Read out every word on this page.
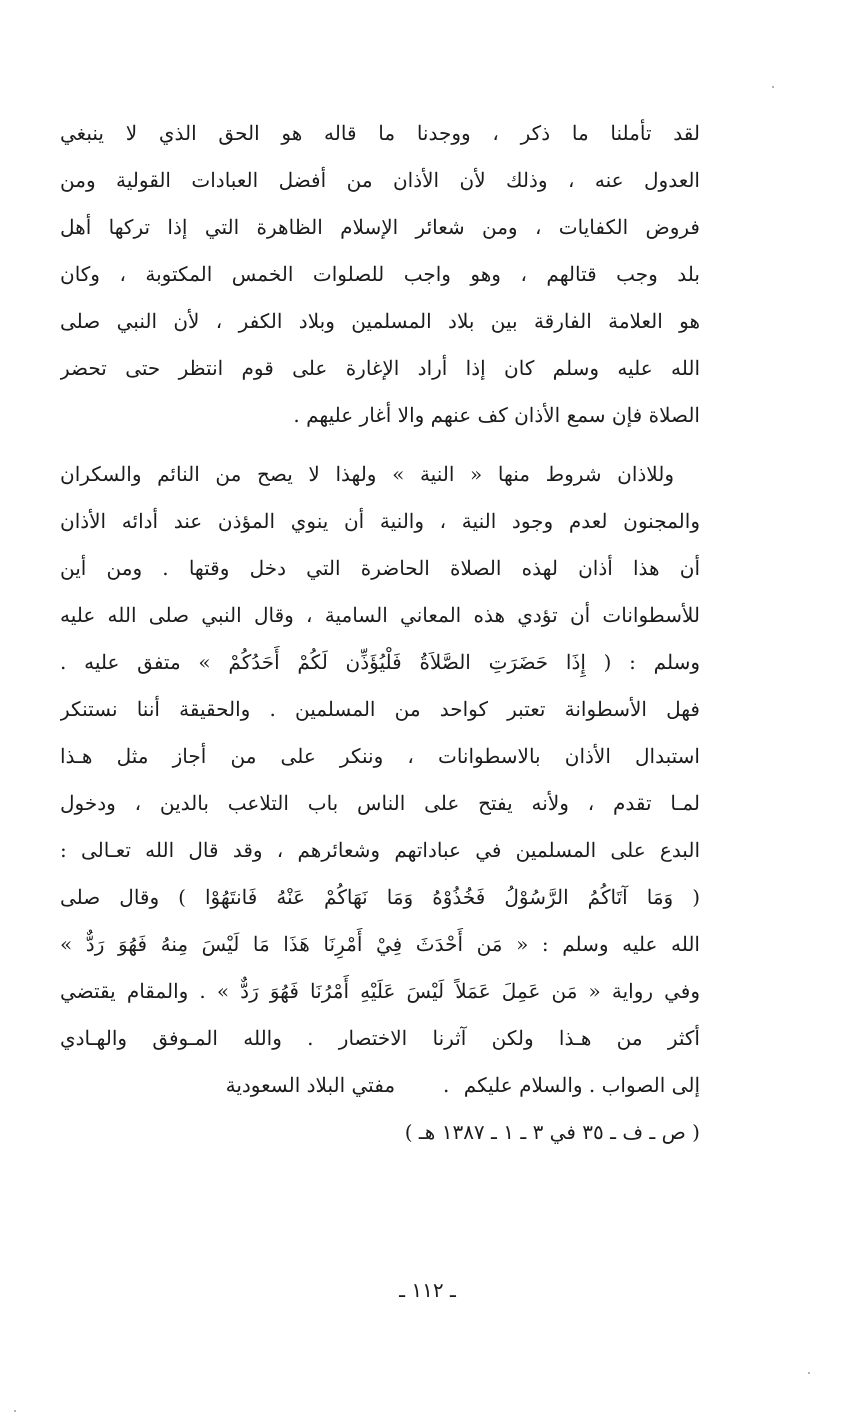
لقد تأملنا ما ذكر ، ووجدنا ما قاله هو الحق الذي لا ينبغي
العدول عنه ، وذلك لأن الأذان من أفضل العبادات القولية ومن
فروض الكفايات ، ومن شعائر الإسلام الظاهرة التي إذا تركها أهل
بلد وجب قتالهم ، وهو واجب للصلوات الخمس المكتوبة ، وكان
هو العلامة الفارقة بين بلاد المسلمين وبلاد الكفر ، لأن النبي صلى
الله عليه وسلم كان إذا أراد الإغارة على قوم انتظر حتى تحضر
الصلاة فإن سمع الأذان كف عنهم والا أغار عليهم .
وللاذان شروط منها « النية » ولهذا لا يصح من النائم والسكران
والمجنون لعدم وجود النية ، والنية أن ينوي المؤذن عند أدائه الأذان
أن هذا أذان لهذه الصلاة الحاضرة التي دخل وقتها . ومن أين
للأسطوانات أن تؤدي هذه المعاني السامية ، وقال النبي صلى الله عليه
وسلم : ( إِذَا حَضَرَتِ الصَّلاَةُ فَلْيُؤَذِّن لَكُمْ أَحَدُكُمْ » متفق عليه .
فهل الأسطوانة تعتبر كواحد من المسلمين . والحقيقة أننا نستنكر
استبدال الأذان بالاسطوانات ، وننكر على من أجاز مثل هـذا
لمـا تقدم ، ولأنه يفتح على الناس باب التلاعب بالدين ، ودخول
البدع على المسلمين في عباداتهم وشعائرهم ، وقد قال الله تعـالى :
( وَمَا آتَاكُمُ الرَّسُوْلُ فَخُذُوْهُ وَمَا نَهَاكُمْ عَنْهُ فَانتَهُوْا ) وقال صلى
الله عليه وسلم : « مَن أَحْدَثَ فِيْ أَمْرِنَا هَذَا مَا لَيْسَ مِنهُ فَهُوَ رَدٌّ »
وفي رواية « مَن عَمِلَ عَمَلاً لَيْسَ عَلَيْهِ أَمْرُنَا فَهُوَ رَدٌّ » . والمقام يقتضي
أكثر من هـذا ولكن آثرنا الاختصار . والله المـوفق والهـادي
إلى الصواب . والسلام عليكم .
مفتي البلاد السعودية
( ص ـ ف ـ ٣٥ في ٣ ـ ١ ـ ١٣٨٧ هـ )
ـ ١١٢ ـ
